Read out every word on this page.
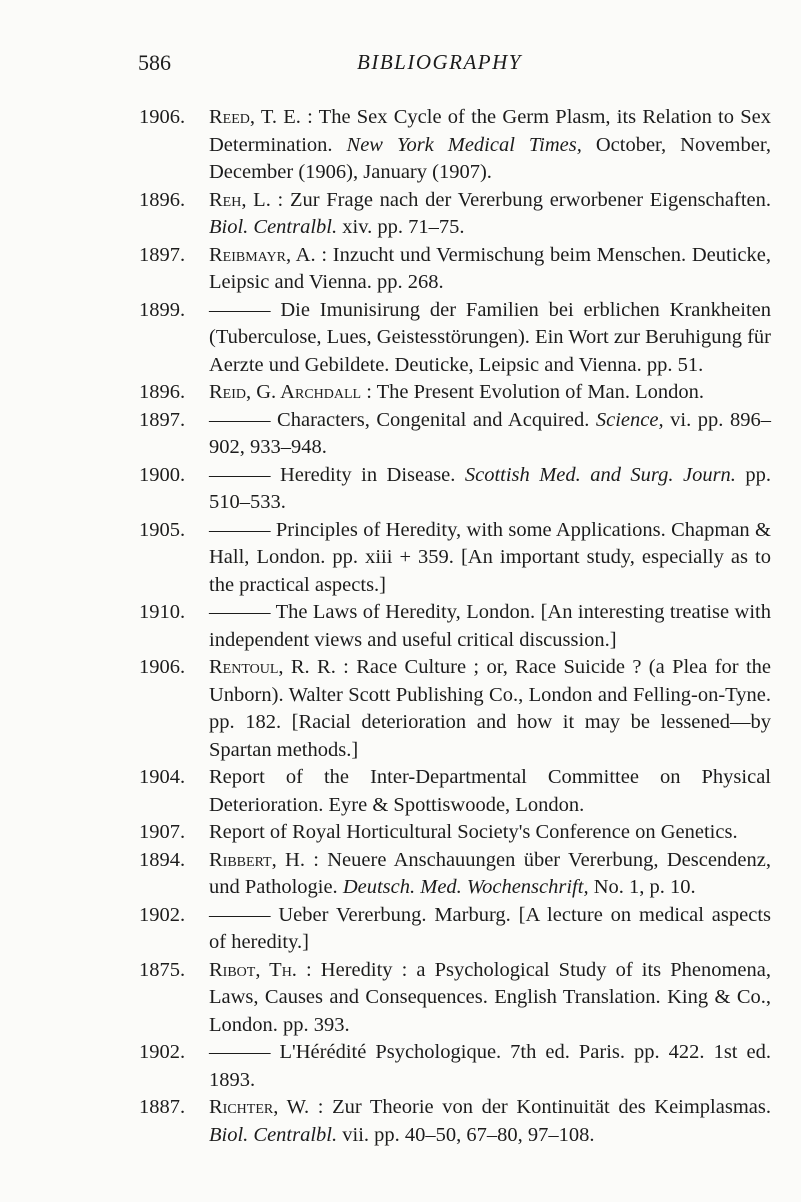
586	BIBLIOGRAPHY

1906. Reed, T. E. : The Sex Cycle of the Germ Plasm, its Relation to Sex Determination. New York Medical Times, October, November, December (1906), January (1907).

1896. Reh, L. : Zur Frage nach der Vererbung erworbener Eigenschaften. Biol. Centralbl. xiv. pp. 71–75.

1897. Reibmayr, A. : Inzucht und Vermischung beim Menschen. Deuticke, Leipsic and Vienna. pp. 268.

1899. ——— Die Imunisirung der Familien bei erblichen Krankheiten (Tuberculose, Lues, Geistesstörungen). Ein Wort zur Beruhigung für Aerzte und Gebildete. Deuticke, Leipsic and Vienna. pp. 51.

1896. Reid, G. Archdall : The Present Evolution of Man. London.

1897. ——— Characters, Congenital and Acquired. Science, vi. pp. 896–902, 933–948.

1900. ——— Heredity in Disease. Scottish Med. and Surg. Journ. pp. 510–533.

1905. ——— Principles of Heredity, with some Applications. Chapman & Hall, London. pp. xiii + 359. [An important study, especially as to the practical aspects.]

1910. ——— The Laws of Heredity, London. [An interesting treatise with independent views and useful critical discussion.]

1906. Rentoul, R. R. : Race Culture ; or, Race Suicide ? (a Plea for the Unborn). Walter Scott Publishing Co., London and Felling-on-Tyne. pp. 182. [Racial deterioration and how it may be lessened—by Spartan methods.]

1904. Report of the Inter-Departmental Committee on Physical Deterioration. Eyre & Spottiswoode, London.

1907. Report of Royal Horticultural Society's Conference on Genetics.

1894. Ribbert, H. : Neuere Anschauungen über Vererbung, Descendenz, und Pathologie. Deutsch. Med. Wochenschrift, No. 1, p. 10.

1902. ——— Ueber Vererbung. Marburg. [A lecture on medical aspects of heredity.]

1875. Ribot, Th. : Heredity : a Psychological Study of its Phenomena, Laws, Causes and Consequences. English Translation. King & Co., London. pp. 393.

1902. ——— L'Hérédité Psychologique. 7th ed. Paris. pp. 422. 1st ed. 1893.

1887. Richter, W. : Zur Theorie von der Kontinuität des Keimplasmas. Biol. Centralbl. vii. pp. 40–50, 67–80, 97–108.
